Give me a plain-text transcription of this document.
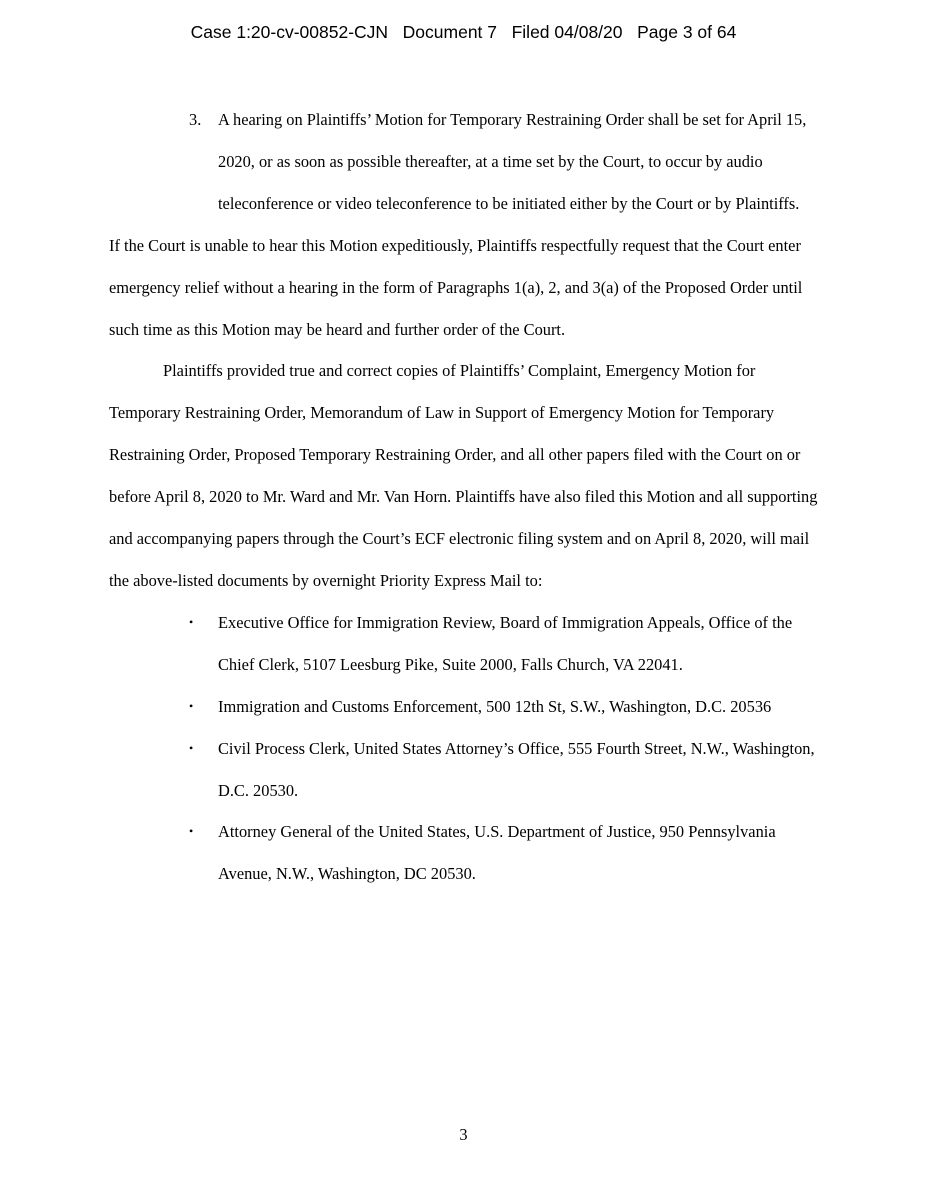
Case 1:20-cv-00852-CJN   Document 7   Filed 04/08/20   Page 3 of 64
3.	A hearing on Plaintiffs’ Motion for Temporary Restraining Order shall be set for April 15, 2020, or as soon as possible thereafter, at a time set by the Court, to occur by audio teleconference or video teleconference to be initiated either by the Court or by Plaintiffs.

If the Court is unable to hear this Motion expeditiously, Plaintiffs respectfully request that the Court enter emergency relief without a hearing in the form of Paragraphs 1(a), 2, and 3(a) of the Proposed Order until such time as this Motion may be heard and further order of the Court.

Plaintiffs provided true and correct copies of Plaintiffs’ Complaint, Emergency Motion for Temporary Restraining Order, Memorandum of Law in Support of Emergency Motion for Temporary Restraining Order, Proposed Temporary Restraining Order, and all other papers filed with the Court on or before April 8, 2020 to Mr. Ward and Mr. Van Horn. Plaintiffs have also filed this Motion and all supporting and accompanying papers through the Court’s ECF electronic filing system and on April 8, 2020, will mail the above-listed documents by overnight Priority Express Mail to:

•	Executive Office for Immigration Review, Board of Immigration Appeals, Office of the Chief Clerk, 5107 Leesburg Pike, Suite 2000, Falls Church, VA 22041.
•	Immigration and Customs Enforcement, 500 12th St, S.W., Washington, D.C. 20536
•	Civil Process Clerk, United States Attorney’s Office, 555 Fourth Street, N.W., Washington, D.C. 20530.
•	Attorney General of the United States, U.S. Department of Justice, 950 Pennsylvania Avenue, N.W., Washington, DC 20530.
3
